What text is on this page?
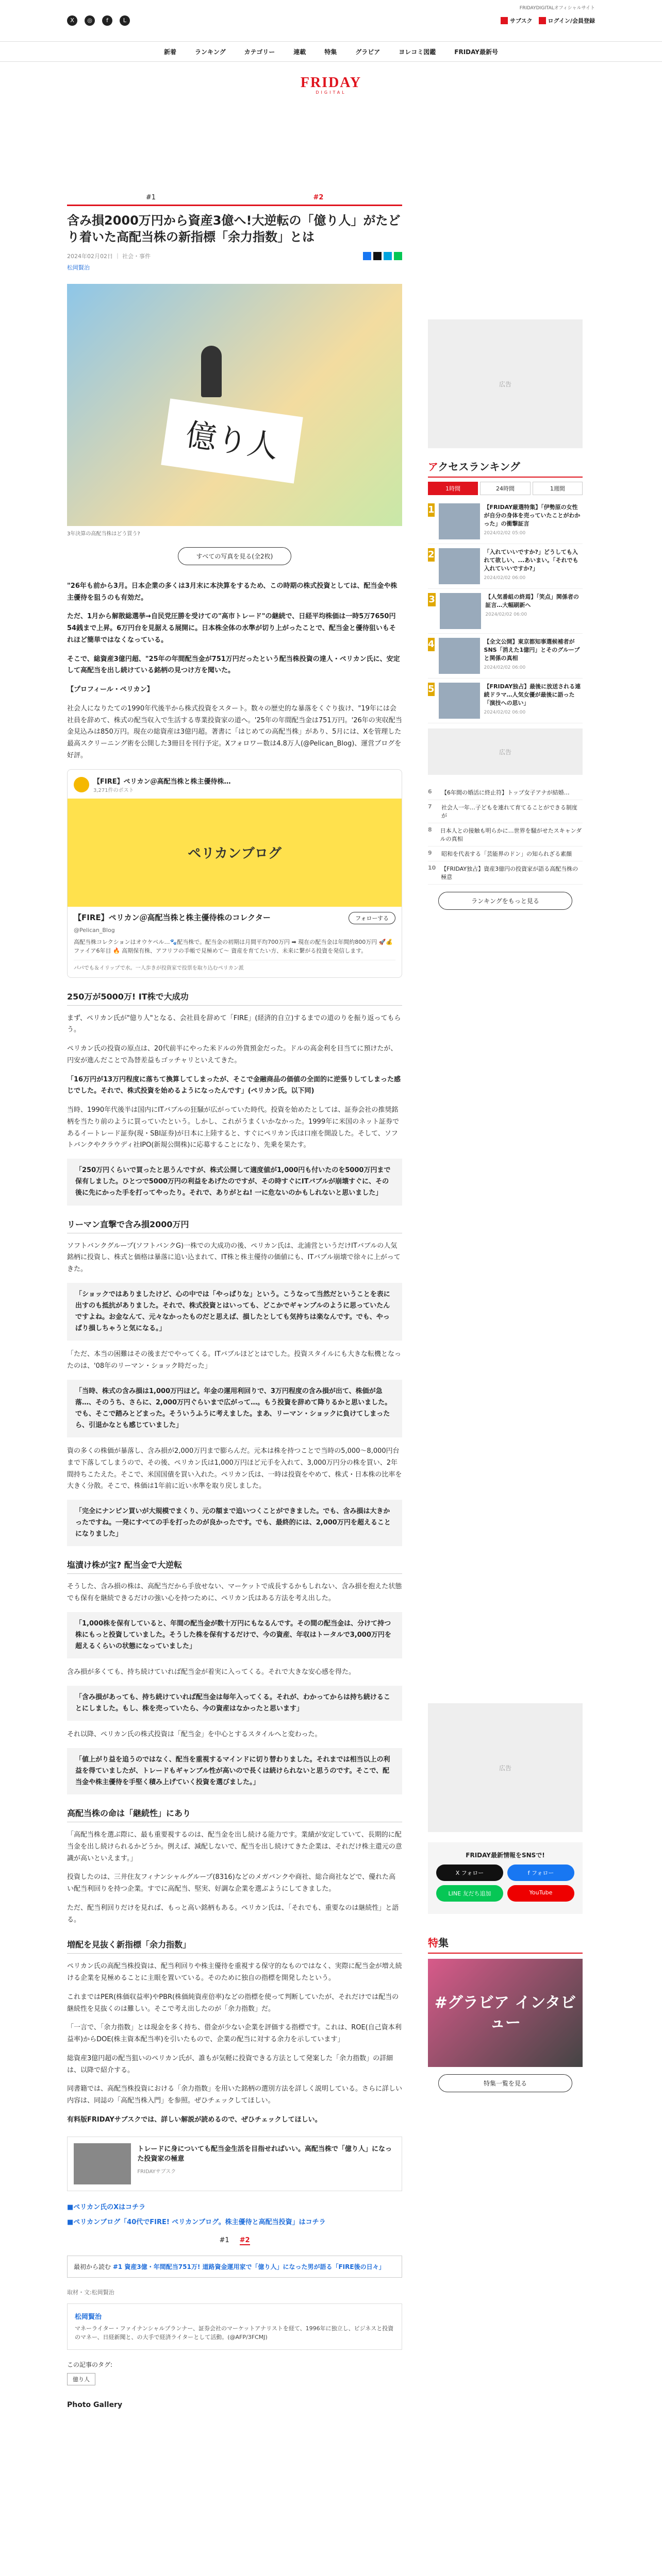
X	◎	f	L
FRIDAY
DIGITAL
FRIDAYDIGITALオフィシャルサイト
サブスク	ログイン/会員登録
新着	ランキング	カテゴリー	連載	特集	グラビア	ヨレコミ図鑑	FRIDAY最新号
#1	#2
含み損2000万円から資産3億へ!大逆転の「億り人」がたどり着いた高配当株の新指標「余力指数」とは
2024年02月02日 ｜ 社会・事件
松岡賢治
億り人
3年決算の高配当株はどう買う?
すべての写真を見る(全2枚)

"26年も前から3月。日本企業の多くは3月末に本決算をするため、この時期の株式投資としては、配当金や株主優待を狙うのも有効だ。

ただ、1月から解散総選挙→自民党圧勝を受けての"高市トレード"の継続で、日経平均株価は一時5万7650円54銭まで上昇。6万円台を見据える展開に。日本株全体の水準が切り上がったことで、配当金と優待狙いもそれほど簡単ではなくなっている。

そこで、総資産3億円超、"25年の年間配当金が751万円だったという配当株投資の達人・ペリカン氏に、安定して高配当を出し続けている銘柄の見つけ方を聞いた。

【プロフィール・ペリカン】

社会人になりたての1990年代後半から株式投資をスタート。数々の歴史的な暴落をくぐり抜け、"19年には会社員を辞めて、株式の配当収入で生活する専業投資家の道へ。'25年の年間配当金は751万円。'26年の実収配当金見込みは850万円。現在の総資産は3億円超。著書に「はじめての高配当株」があり、5月には、Xを管理した最高スクリーニング術を公開した3冊目を刊行予定。Xフォロワー数は4.8万人(@Pelican_Blog)、運営ブログを好評。

【FIRE】ペリカン＠高配当株と株主優待株…
3,271件のポスト
ペリカンブログ
フォローする
【FIRE】ペリカン＠高配当株と株主優待株のコレクター
@Pelican_Blog
高配当株コレクションはオウケペル…🐾配当株で。配当金の初期は月間平均700万円 ➡ 現在の配当金は年間約800万円 🚀💰ファイア6年目 🔥 高期保有株、アフリフの手帳で見極めて〜 資産を育てたい方、未来に繋がる投資を発信します。
パパでも＆イリップで水。一人歩きが投資家で投票を取り込むペリカン派
250万が5000万! IT株で大成功

まず、ペリカン氏が"億り人"となる、会社員を辞めて「FIRE」(経済的自立)するまでの道のりを振り返ってもらう。

ペリカン氏の投資の原点は、20代前半にやった米ドルの外貨預金だった。ドルの高金利を目当てに預けたが、円安が進んだことで為替差益もゴッチャリといえてきた。

「16万円が13万円程度に落ちて換算してしまったが、そこで金融商品の価値の全面的に逆張りしてしまった感じでした。それで、株式投資を始めるようになったんです」(ペリカン氏。以下同)

当時、1990年代後半は国内にITバブルの狂騒が広がっていた時代。投資を始めたとしては、証券会社の推奨銘柄を当たり前のように買っていたという。しかし、これがうまくいかなかった。1999年に米国のネット証券であるイートレード証券(現・SBI証券)が日本に上陸すると、すぐにペリカン氏は口座を開設した。そして、ソフトバンクやクラウディ社IPO(新規公開株)に応募することになり、先乗を果たす。

「250万円くらいで買ったと思うんですが、株式公開して適度値が1,000円も付いたのを5000万円まで保有しました。ひとつで5000万円の利益をあげたのですが、その時すぐにITバブルが崩壊すぐに、その後に先にかった手を打ってやったり。それで、ありがとね! 一に危ないのかもしれないと思いました」

リーマン直撃で含み損2000万円

ソフトバンクグループ(ソフトバンクG)一株での大成功の後、ペリカン氏は、北浦営というだけITバブルの人気銘柄に投資し、株式と価格は暴落に追い込まれて、IT株と株主優待の価値にも、ITバブル崩壊で徐々に上がってきた。

「ショックではありましたけど、心の中では「やっぱりな」という。こうなって当然だということを表に出すのも抵抗がありました。それで、株式投資とはいっても、どこかでギャンブルのように思っていたんですよね。お金なんて、元々なかったものだと思えば、損したとしても気持ちは楽なんです。でも、やっぱり損しちゃうと気になる。」

「ただ、本当の困難はその後まだでやってくる。ITバブルほどとはでした。投資スタイルにも大きな転機となったのは、'08年のリーマン・ショック時だった」

「当時、株式の含み損は1,000万円ほど。年金の運用利回りで、3万円程度の含み損が出て、株価が急落…、そのうち、さらに、2,000万円ぐらいまで広がって…。もう投資を辞めて降りるかと思いました。でも、そこで踏みとどまった。そういうふうに考えました。まあ、リーマン・ショックに負けてしまったら、引退かなとも感じていました」

資の多くの株価が暴落し、含み損が2,000万円まで膨らんだ。元本は株を持つことで当時の5,000〜8,000円台まで下落してしまうので、その後、ペリカン氏は1,000万円ほど元手を入れて、3,000万円分の株を買い、2年間持ちこたえた。そこで、米国国債を買い入れた。ペリカン氏は、一時は投資をやめて、株式・日本株の比率を大きく分散。そこで、株価は1年前に近い水準を取り戻しました。

「完全にナンピン買いが大規模でまくり、元の額まで追いつくことができました。でも、含み損は大きかったですね。一発にすべての手を打ったのが良かったです。でも、最終的には、2,000万円を超えることになりました」

塩漬け株が宝? 配当金で大逆転

そうした、含み損の株は、高配当だから手放せない、マーケットで成長するかもしれない、含み損を抱えた状態でも保有を継続できるだけの強い心を持つために、ペリカン氏はある方法を考え出した。

「1,000株を保有していると、年間の配当金が数十万円にもなるんです。その間の配当金は、分けて持つ株にもっと投資していました。そうした株を保有するだけで、今の資産、年収はトータルで3,000万円を超えるくらいの状態になっていました」

含み損が多くても、持ち続けていれば配当金が着実に入ってくる。それで大きな安心感を得た。

「含み損があっても、持ち続けていれば配当金は毎年入ってくる。それが、わかってからは持ち続けることにしました。もし、株を売っていたら、今の資産はなかったと思います」

それ以降、ペリカン氏の株式投資は「配当金」を中心とするスタイルへと変わった。

「値上がり益を追うのではなく、配当を重視するマインドに切り替わりました。それまでは相当以上の利益を得ていましたが、トレードもギャンブル性が高いので長くは続けられないと思うのです。そこで、配当金や株主優待を手堅く積み上げていく投資を選びました。」

高配当株の命は「継続性」にあり

「高配当株を選ぶ際に、最も重要視するのは、配当金を出し続ける能力です。業績が安定していて、長期的に配当金を出し続けられるかどうか。例えば、減配しないで、配当を出し続けてきた企業は、それだけ株主還元の意識が高いといえます。」

投資したのは、三井住友フィナンシャルグループ(8316)などのメガバンクや商社、総合商社などで、優れた高い配当利回りを持つ企業。すでに高配当、堅実、好調な企業を選ぶようにしてきました。

ただ、配当利回りだけを見れば、もっと高い銘柄もある。ペリカン氏は、「それでも、重要なのは継続性」と語る。

増配を見抜く新指標「余力指数」

ペリカン氏の高配当株投資は、配当利回りや株主優待を重視する保守的なものではなく、実際に配当金が増え続ける企業を見極めることに主眼を置いている。そのために独自の指標を開発したという。

これまではPER(株価収益率)やPBR(株価純資産倍率)などの指標を使って判断していたが、それだけでは配当の継続性を見抜くのは難しい。そこで考え出したのが「余力指数」だ。

「一言で、「余力指数」とは現金を多く持ち、借金が少ない企業を評価する指標です。これは、ROE(自己資本利益率)からDOE(株主資本配当率)を引いたもので、企業の配当に対する余力を示しています」

総資産3億円超の配当狙いのペリカン氏が、誰もが気軽に投資できる方法として発案した「余力指数」の詳細は、以降で紹介する。

同書籍では、高配当株投資における「余力指数」を用いた銘柄の選別方法を詳しく説明している。さらに詳しい内容は、同誌の「高配当株入門」を参照。ぜひチェックしてほしい。

有料版FRIDAYサブスクでは、詳しい解説が読めるので、ぜひチェックしてほしい。

トレードに身についても配当金生活を目指せればいい。高配当株で「億り人」になった投資家の極意
FRIDAYサブスク
■ペリカン氏のXはコチラ
■ペリカンブログ「40代でFIRE! ペリカンブログ。株主優待と高配当投資」はコチラ
#1 #2
最初から読む #1 資産3億・年間配当751万! 道路資金運用家で「億り人」になった男が語る「FIRE後の日々」
取材・文:松岡賢治
松岡賢治
マネーライター・ファイナンシャルプランナー、証券会社のマーケットアナリストを経て、1996年に独立し、ビジネスと投資のマネー、日経新聞と、の大手で経済ライターとして活動。(@AFP/3FCMJ)
この記事のタグ:
億り人
Photo Gallery
広告
アクセスランキング
1時間	24時間	1週間
1	【FRIDAY厳選特集】「伊勢原の女性が自分の身体を売っていたことがわかった」の衝撃証言
2024/02/02 05:00
2	「入れていいですか?」どうしても入れて欲しい、...あいまい。「それでも入れていいですか?」
2024/02/02 06:00
3	【人気番組の終焉】「笑点」関係者の証言…大幅刷新へ
2024/02/02 06:00
4	【全文公開】東京都知事選候補者がSNS「消えた1億円」とそのグループと関係の真相
2024/02/02 06:00
5	【FRIDAY独占】最後に放送される連続ドラマ…人気女優が最後に語った「演技への思い」
2024/02/02 06:00
広告
6	【6年間の婚活に終止符】トップ女子アナが結婚…
7	社会人一年…子どもを連れて育てることができる制度が
8	日本人との接触も明らかに…世界を騒がせたスキャンダルの真相
9	昭和を代表する「芸能界のドン」の知られざる素顔
10 【FRIDAY独占】資産3億円の投資家が語る高配当株の極意
ランキングをもっと見る
広告
FRIDAY最新情報をSNSで!
X フォロー	f フォロー
LINE 友だち追加	YouTube
特集
#グラビア インタビュー
特集一覧を見る
